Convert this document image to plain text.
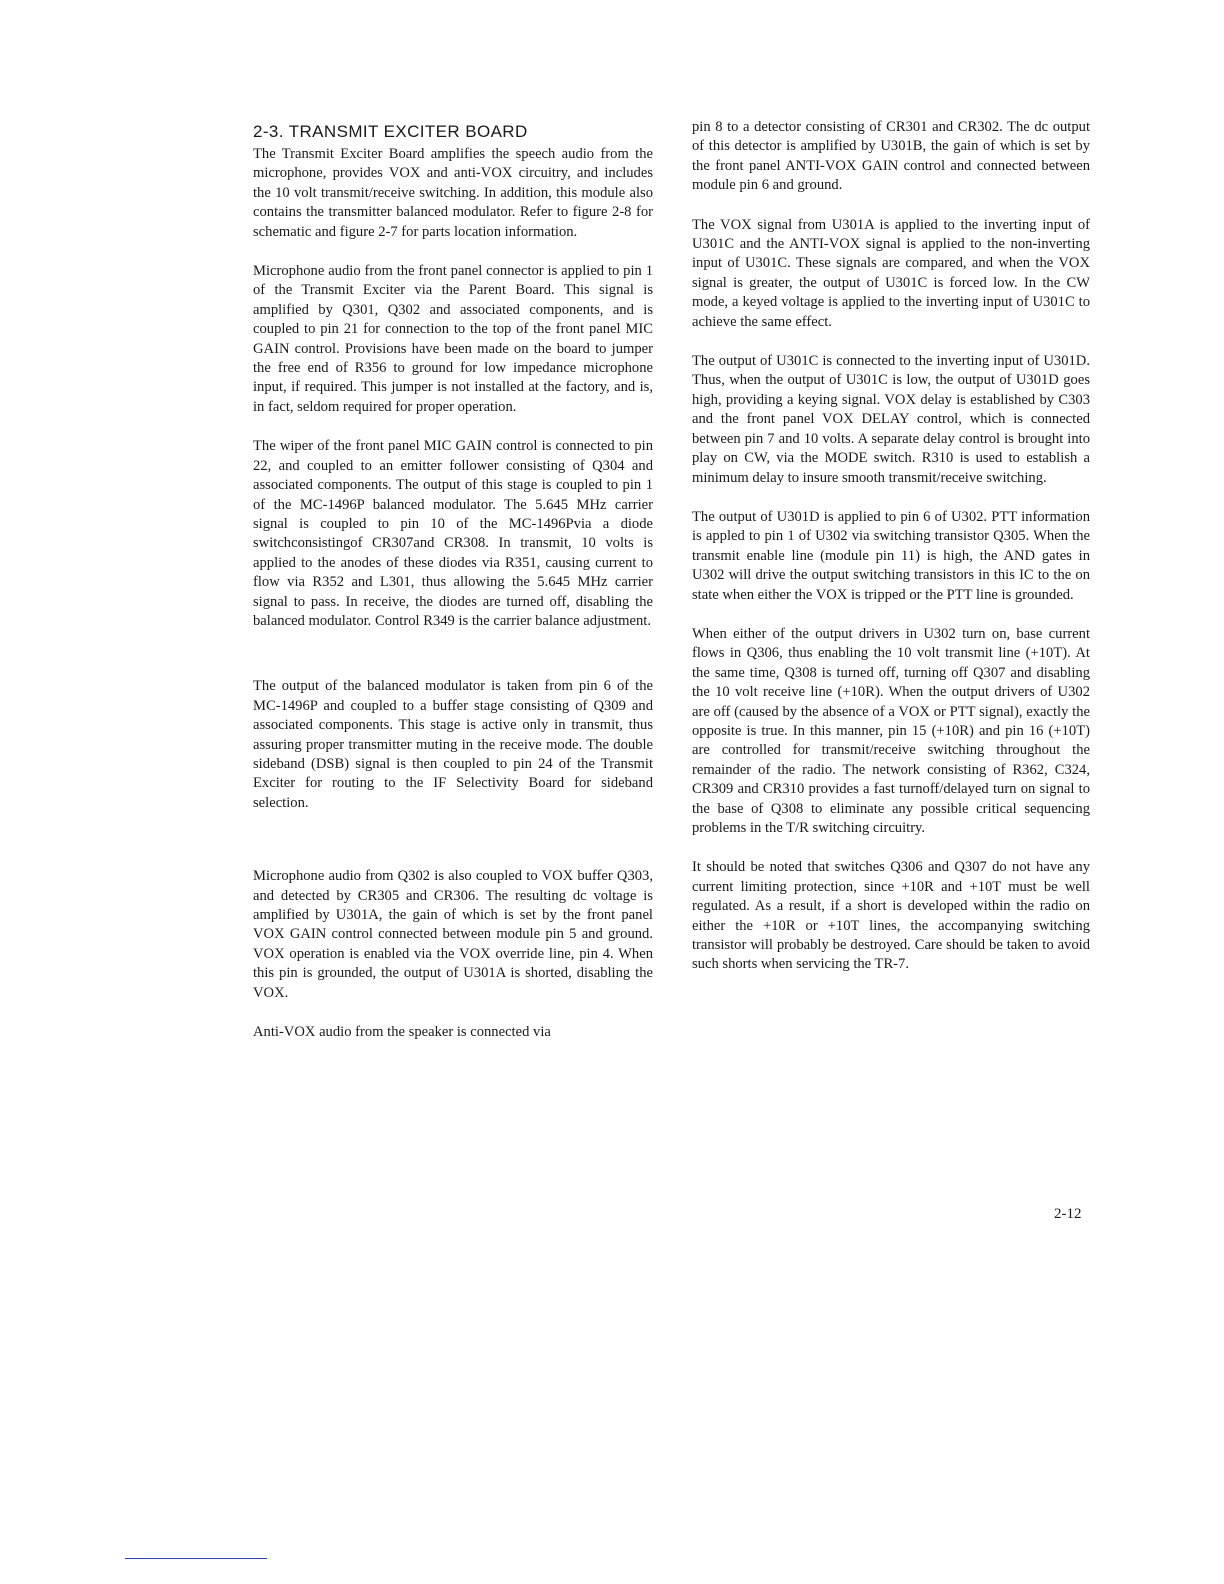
2-3. TRANSMIT EXCITER BOARD

The Transmit Exciter Board amplifies the speech audio from the microphone, provides VOX and anti-VOX circuitry, and includes the 10 volt transmit/receive switching. In addition, this module also contains the transmitter balanced modulator. Refer to figure 2-8 for schematic and figure 2-7 for parts location information.

Microphone audio from the front panel connector is applied to pin 1 of the Transmit Exciter via the Parent Board. This signal is amplified by Q301, Q302 and associated components, and is coupled to pin 21 for connection to the top of the front panel MIC GAIN control. Provisions have been made on the board to jumper the free end of R356 to ground for low impedance microphone input, if required. This jumper is not installed at the factory, and is, in fact, seldom required for proper operation.

The wiper of the front panel MIC GAIN control is connected to pin 22, and coupled to an emitter follower consisting of Q304 and associated components. The output of this stage is coupled to pin 1 of the MC-1496P balanced modulator. The 5.645 MHz carrier signal is coupled to pin 10 of the MC-1496Pvia a diode switchconsistingof CR307and CR308. In transmit, 10 volts is applied to the anodes of these diodes via R351, causing current to flow via R352 and L301, thus allowing the 5.645 MHz carrier signal to pass. In receive, the diodes are turned off, disabling the balanced modulator. Control R349 is the carrier balance adjustment.

The output of the balanced modulator is taken from pin 6 of the MC-1496P and coupled to a buffer stage consisting of Q309 and associated components. This stage is active only in transmit, thus assuring proper transmitter muting in the receive mode. The double sideband (DSB) signal is then coupled to pin 24 of the Transmit Exciter for routing to the IF Selectivity Board for sideband selection.

Microphone audio from Q302 is also coupled to VOX buffer Q303, and detected by CR305 and CR306. The resulting dc voltage is amplified by U301A, the gain of which is set by the front panel VOX GAIN control connected between module pin 5 and ground. VOX operation is enabled via the VOX override line, pin 4. When this pin is grounded, the output of U301A is shorted, disabling the VOX.

Anti-VOX audio from the speaker is connected via

pin 8 to a detector consisting of CR301 and CR302. The dc output of this detector is amplified by U301B, the gain of which is set by the front panel ANTI-VOX GAIN control and connected between module pin 6 and ground.

The VOX signal from U301A is applied to the inverting input of U301C and the ANTI-VOX signal is applied to the non-inverting input of U301C. These signals are compared, and when the VOX signal is greater, the output of U301C is forced low. In the CW mode, a keyed voltage is applied to the inverting input of U301C to achieve the same effect.

The output of U301C is connected to the inverting input of U301D. Thus, when the output of U301C is low, the output of U301D goes high, providing a keying signal. VOX delay is established by C303 and the front panel VOX DELAY control, which is connected between pin 7 and 10 volts. A separate delay control is brought into play on CW, via the MODE switch. R310 is used to establish a minimum delay to insure smooth transmit/receive switching.

The output of U301D is applied to pin 6 of U302. PTT information is appled to pin 1 of U302 via switching transistor Q305. When the transmit enable line (module pin 11) is high, the AND gates in U302 will drive the output switching transistors in this IC to the on state when either the VOX is tripped or the PTT line is grounded.

When either of the output drivers in U302 turn on, base current flows in Q306, thus enabling the 10 volt transmit line (+10T). At the same time, Q308 is turned off, turning off Q307 and disabling the 10 volt receive line (+10R). When the output drivers of U302 are off (caused by the absence of a VOX or PTT signal), exactly the opposite is true. In this manner, pin 15 (+10R) and pin 16 (+10T) are controlled for transmit/receive switching throughout the remainder of the radio. The network consisting of R362, C324, CR309 and CR310 provides a fast turnoff/delayed turn on signal to the base of Q308 to eliminate any possible critical sequencing problems in the T/R switching circuitry.

It should be noted that switches Q306 and Q307 do not have any current limiting protection, since +10R and +10T must be well regulated. As a result, if a short is developed within the radio on either the +10R or +10T lines, the accompanying switching transistor will probably be destroyed. Care should be taken to avoid such shorts when servicing the TR-7.

2-12
